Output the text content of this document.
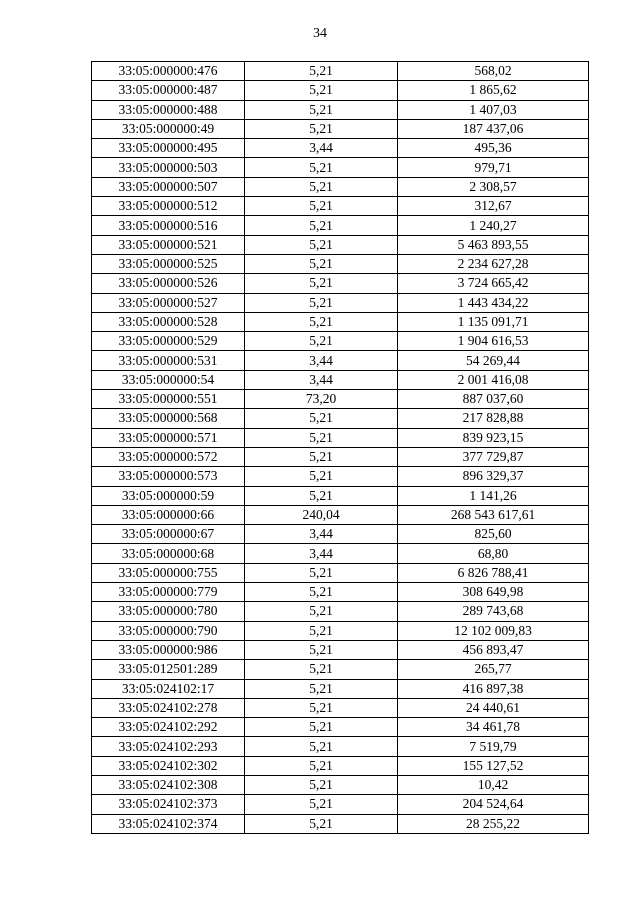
34
33:05:000000:476	5,21	568,02
33:05:000000:487	5,21	1 865,62
33:05:000000:488	5,21	1 407,03
33:05:000000:49	5,21	187 437,06
33:05:000000:495	3,44	495,36
33:05:000000:503	5,21	979,71
33:05:000000:507	5,21	2 308,57
33:05:000000:512	5,21	312,67
33:05:000000:516	5,21	1 240,27
33:05:000000:521	5,21	5 463 893,55
33:05:000000:525	5,21	2 234 627,28
33:05:000000:526	5,21	3 724 665,42
33:05:000000:527	5,21	1 443 434,22
33:05:000000:528	5,21	1 135 091,71
33:05:000000:529	5,21	1 904 616,53
33:05:000000:531	3,44	54 269,44
33:05:000000:54	3,44	2 001 416,08
33:05:000000:551	73,20	887 037,60
33:05:000000:568	5,21	217 828,88
33:05:000000:571	5,21	839 923,15
33:05:000000:572	5,21	377 729,87
33:05:000000:573	5,21	896 329,37
33:05:000000:59	5,21	1 141,26
33:05:000000:66	240,04	268 543 617,61
33:05:000000:67	3,44	825,60
33:05:000000:68	3,44	68,80
33:05:000000:755	5,21	6 826 788,41
33:05:000000:779	5,21	308 649,98
33:05:000000:780	5,21	289 743,68
33:05:000000:790	5,21	12 102 009,83
33:05:000000:986	5,21	456 893,47
33:05:012501:289	5,21	265,77
33:05:024102:17	5,21	416 897,38
33:05:024102:278	5,21	24 440,61
33:05:024102:292	5,21	34 461,78
33:05:024102:293	5,21	7 519,79
33:05:024102:302	5,21	155 127,52
33:05:024102:308	5,21	10,42
33:05:024102:373	5,21	204 524,64
33:05:024102:374	5,21	28 255,22
